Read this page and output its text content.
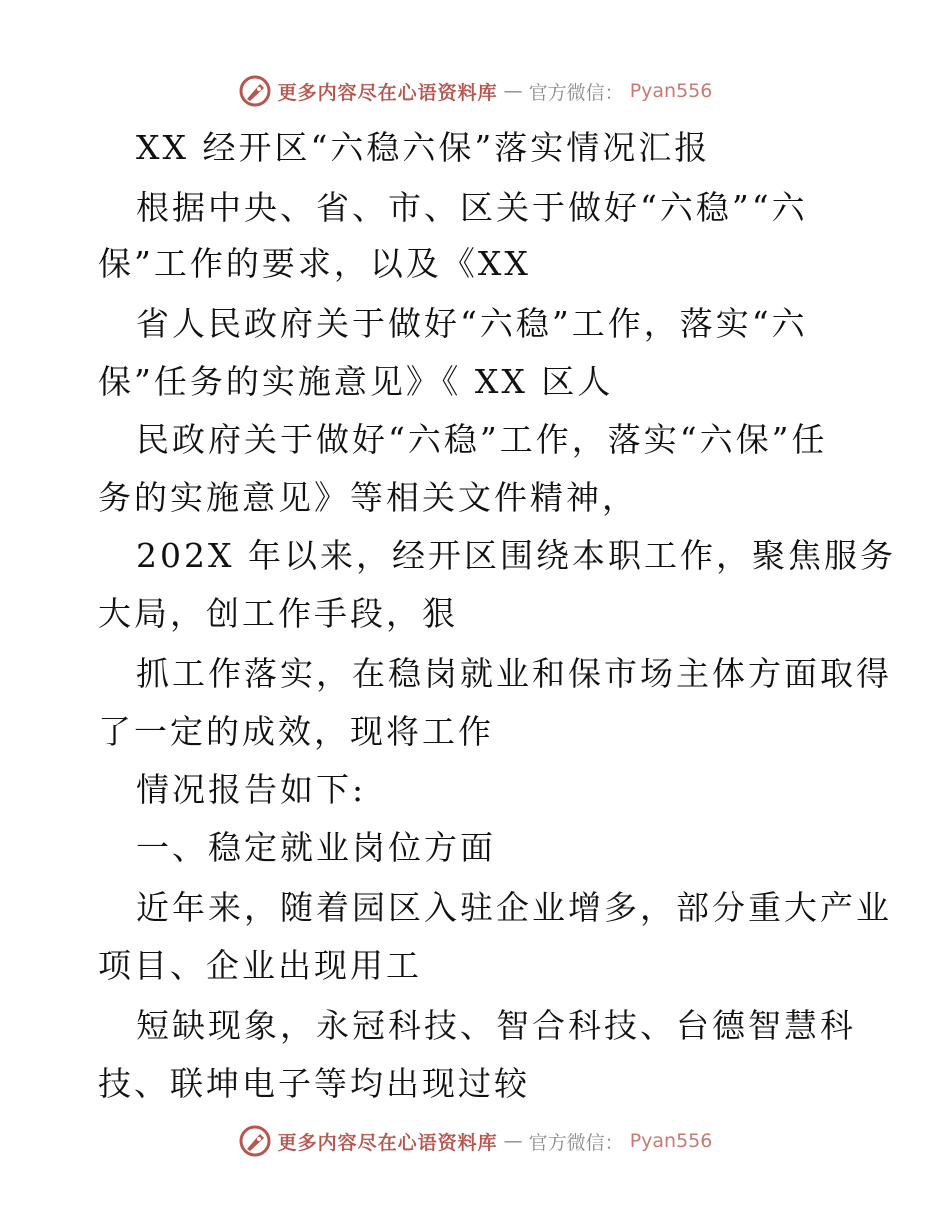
更多内容尽在心语资料库 — 官方微信： Pyan556
XX 经开区“六稳六保”落实情况汇报
根据中央、省、市、区关于做好“六稳”“六
保”工作的要求，以及《XX
省人民政府关于做好“六稳”工作，落实“六
保”任务的实施意见》《 XX 区人
民政府关于做好“六稳”工作，落实“六保”任
务的实施意见》等相关文件精神，
202X 年以来，经开区围绕本职工作，聚焦服务
大局，创工作手段，狠
抓工作落实，在稳岗就业和保市场主体方面取得
了一定的成效，现将工作
情况报告如下:
一、稳定就业岗位方面
近年来，随着园区入驻企业增多，部分重大产业
项目、企业出现用工
短缺现象，永冠科技、智合科技、台德智慧科
技、联坤电子等均出现过较
更多内容尽在心语资料库 — 官方微信： Pyan556
